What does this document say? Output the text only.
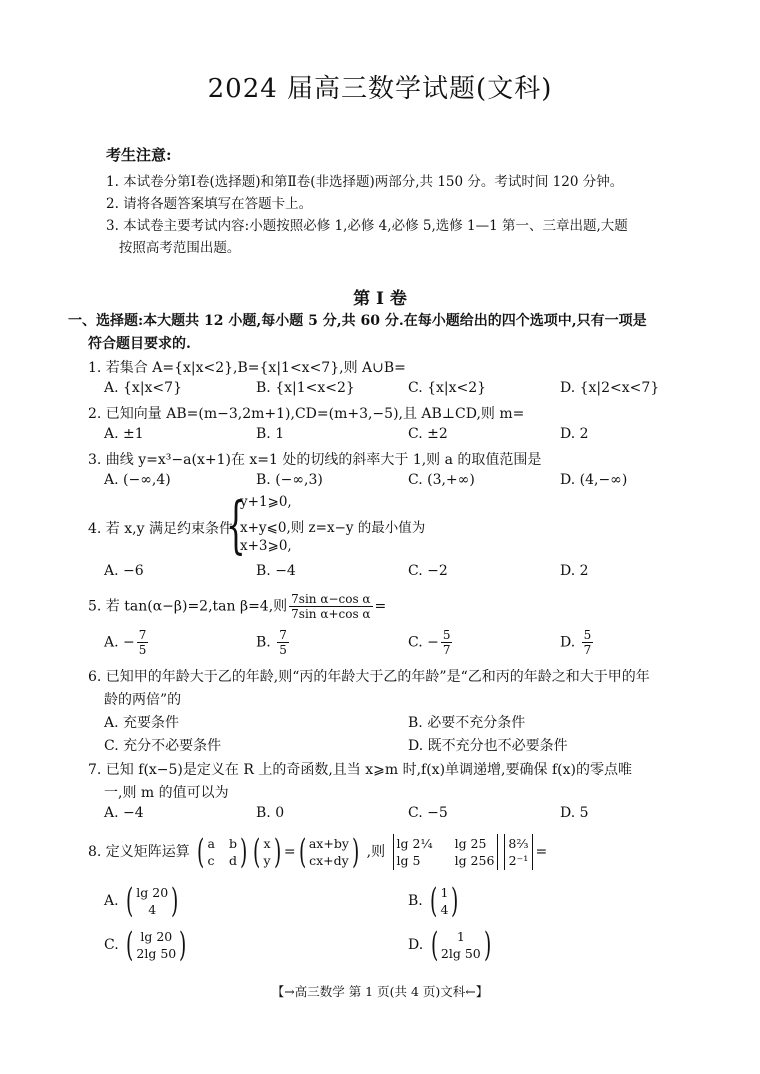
2024 届高三数学试题(文科)
考生注意:
1. 本试卷分第Ⅰ卷(选择题)和第Ⅱ卷(非选择题)两部分,共 150 分。考试时间 120 分钟。
2. 请将各题答案填写在答题卡上。
3. 本试卷主要考试内容:小题按照必修 1,必修 4,必修 5,选修 1—1 第一、三章出题,大题
按照高考范围出题。
第 Ⅰ 卷
一、选择题:本大题共 12 小题,每小题 5 分,共 60 分.在每小题给出的四个选项中,只有一项是
符合题目要求的.
1. 若集合 A={x|x<2},B={x|1<x<7},则 A∪B=
A. {x|x<7}	B. {x|1<x<2}	C. {x|x<2}	D. {x|2<x<7}
2. 已知向量 AB=(m−3,2m+1),CD=(m+3,−5),且 AB⊥CD,则 m=
A. ±1	B. 1	C. ±2	D. 2
3. 曲线 y=x³−a(x+1)在 x=1 处的切线的斜率大于 1,则 a 的取值范围是
A. (−∞,4)	B. (−∞,3)	C. (3,+∞)	D. (4,−∞)
4. 若 x,y 满足约束条件
{
y+1⩾0,
x+y⩽0,则 z=x−y 的最小值为
x+3⩾0,
A. −6	B. −4	C. −2	D. 2
5. 若 tan(α−β)=2,tan β=4,则 $\frac{\text{7sin α−cos α}}{\text{7sin α+cos α}}$ =
A. − $\frac{7}{5}$	B. $\frac{7}{5}$	C. − $\frac{5}{7}$	D. $\frac{5}{7}$
6. 已知甲的年龄大于乙的年龄,则“丙的年龄大于乙的年龄”是“乙和丙的年龄之和大于甲的年
龄的两倍”的
A. 充要条件	B. 必要不充分条件
C. 充分不必要条件	D. 既不充分也不必要条件
7. 已知 f(x−5)是定义在 R 上的奇函数,且当 x⩾m 时,f(x)单调递增,要确保 f(x)的零点唯
一,则 m 的值可以为
A. −4	B. 0	C. −5	D. 5
8. 定义矩阵运算 ( a b
c d ) ( x
y ) = ( ax+by
cx+dy ) ,则
lg 2¼ lg 25
lg 5	lg 256
8⅔
2⁻¹
=
A. ( lg 20
4 )	B. ( 1
4 )
C. ( lg 20
2lg 50 )	D. (	1
2lg 50 )
【→高三数学 第 1 页(共 4 页)文科←】
